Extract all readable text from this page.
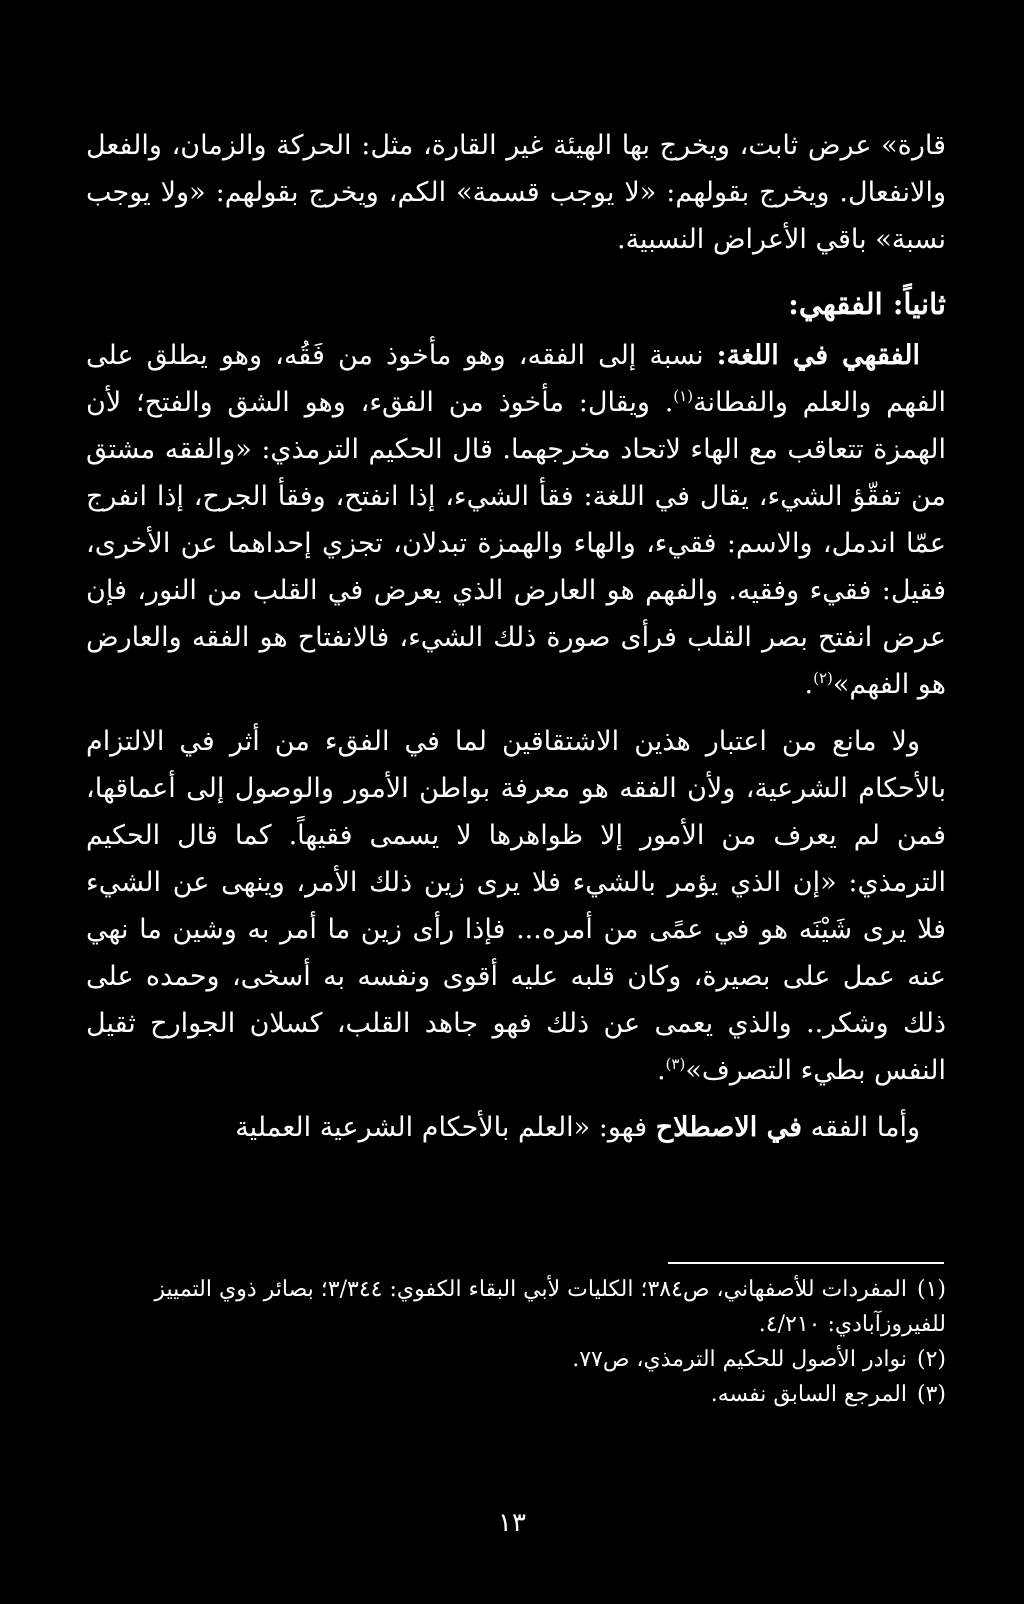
قارة» عرض ثابت، ويخرج بها الهيئة غير القارة، مثل: الحركة والزمان، والفعل والانفعال. ويخرج بقولهم: «لا يوجب قسمة» الكم، ويخرج بقولهم: «ولا يوجب نسبة» باقي الأعراض النسبية.

ثانياً: الفقهي:

الفقهي في اللغة: نسبة إلى الفقه، وهو مأخوذ من فَقُه، وهو يطلق على الفهم والعلم والفطانة$^{(١)}$. ويقال: مأخوذ من الفقء، وهو الشق والفتح؛ لأن الهمزة تتعاقب مع الهاء لاتحاد مخرجهما. قال الحكيم الترمذي: «والفقه مشتق من تفقّؤ الشيء، يقال في اللغة: فقأ الشيء، إذا انفتح، وفقأ الجرح، إذا انفرج عمّا اندمل، والاسم: فقيء، والهاء والهمزة تبدلان، تجزي إحداهما عن الأخرى، فقيل: فقيء وفقيه. والفهم هو العارض الذي يعرض في القلب من النور، فإن عرض انفتح بصر القلب فرأى صورة ذلك الشيء، فالانفتاح هو الفقه والعارض هو الفهم»$^{(٢)}$.

ولا مانع من اعتبار هذين الاشتقاقين لما في الفقء من أثر في الالتزام بالأحكام الشرعية، ولأن الفقه هو معرفة بواطن الأمور والوصول إلى أعماقها، فمن لم يعرف من الأمور إلا ظواهرها لا يسمى فقيهاً. كما قال الحكيم الترمذي: «إن الذي يؤمر بالشيء فلا يرى زين ذلك الأمر، وينهى عن الشيء فلا يرى شَيْنَه هو في عمًى من أمره... فإذا رأى زين ما أمر به وشين ما نهي عنه عمل على بصيرة، وكان قلبه عليه أقوى ونفسه به أسخى، وحمده على ذلك وشكر.. والذي يعمى عن ذلك فهو جاهد القلب، كسلان الجوارح ثقيل النفس بطيء التصرف»$^{(٣)}$.

وأما الفقه في الاصطلاح فهو: «العلم بالأحكام الشرعية العملية

(١)المفردات للأصفهاني، ص٣٨٤؛ الكليات لأبي البقاء الكفوي: ٣/٣٤٤؛ بصائر ذوي التمييز للفيروزآبادي: ٤/٢١٠.

(٢)نوادر الأصول للحكيم الترمذي، ص٧٧.

(٣)المرجع السابق نفسه.

١٣
